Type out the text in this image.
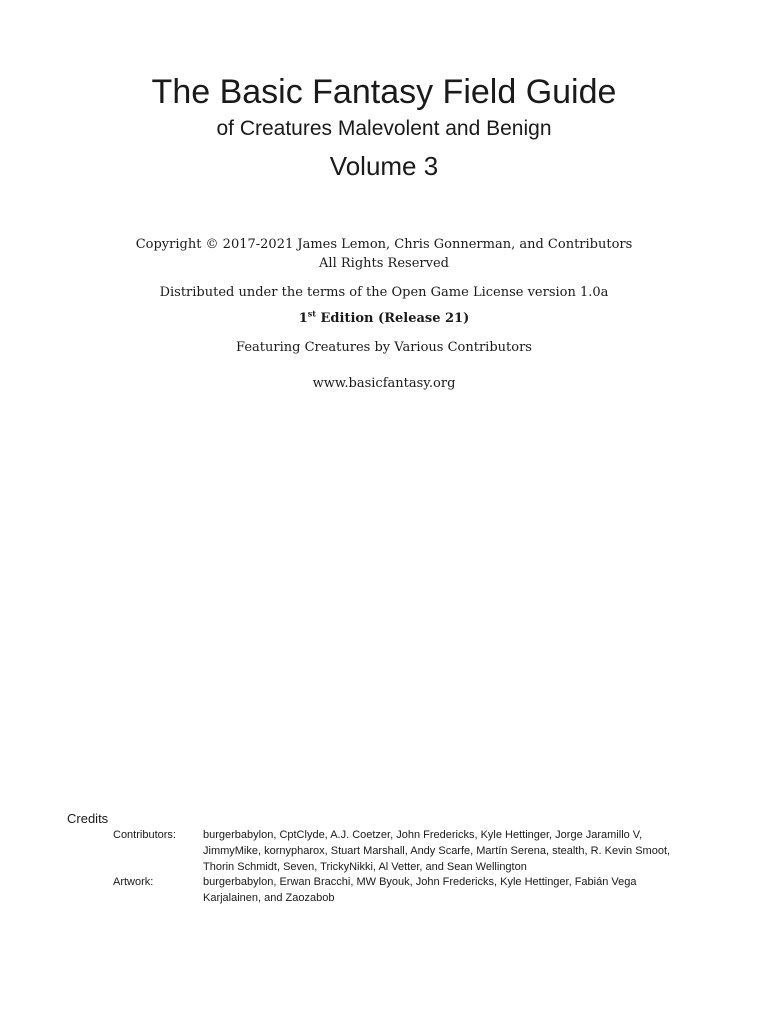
The Basic Fantasy Field Guide
of Creatures Malevolent and Benign
Volume 3
Copyright © 2017-2021 James Lemon, Chris Gonnerman, and Contributors
All Rights Reserved
Distributed under the terms of the Open Game License version 1.0a
1st Edition (Release 21)
Featuring Creatures by Various Contributors
www.basicfantasy.org
Credits
Contributors:	burgerbabylon, CptClyde, A.J. Coetzer, John Fredericks, Kyle Hettinger, Jorge Jaramillo V, JimmyMike, kornypharox, Stuart Marshall, Andy Scarfe, Martín Serena, stealth, R. Kevin Smoot, Thorin Schmidt, Seven, TrickyNikki, Al Vetter, and Sean Wellington
Artwork:	burgerbabylon, Erwan Bracchi, MW Byouk, John Fredericks, Kyle Hettinger, Fabián Vega Karjalainen, and Zaozabob
